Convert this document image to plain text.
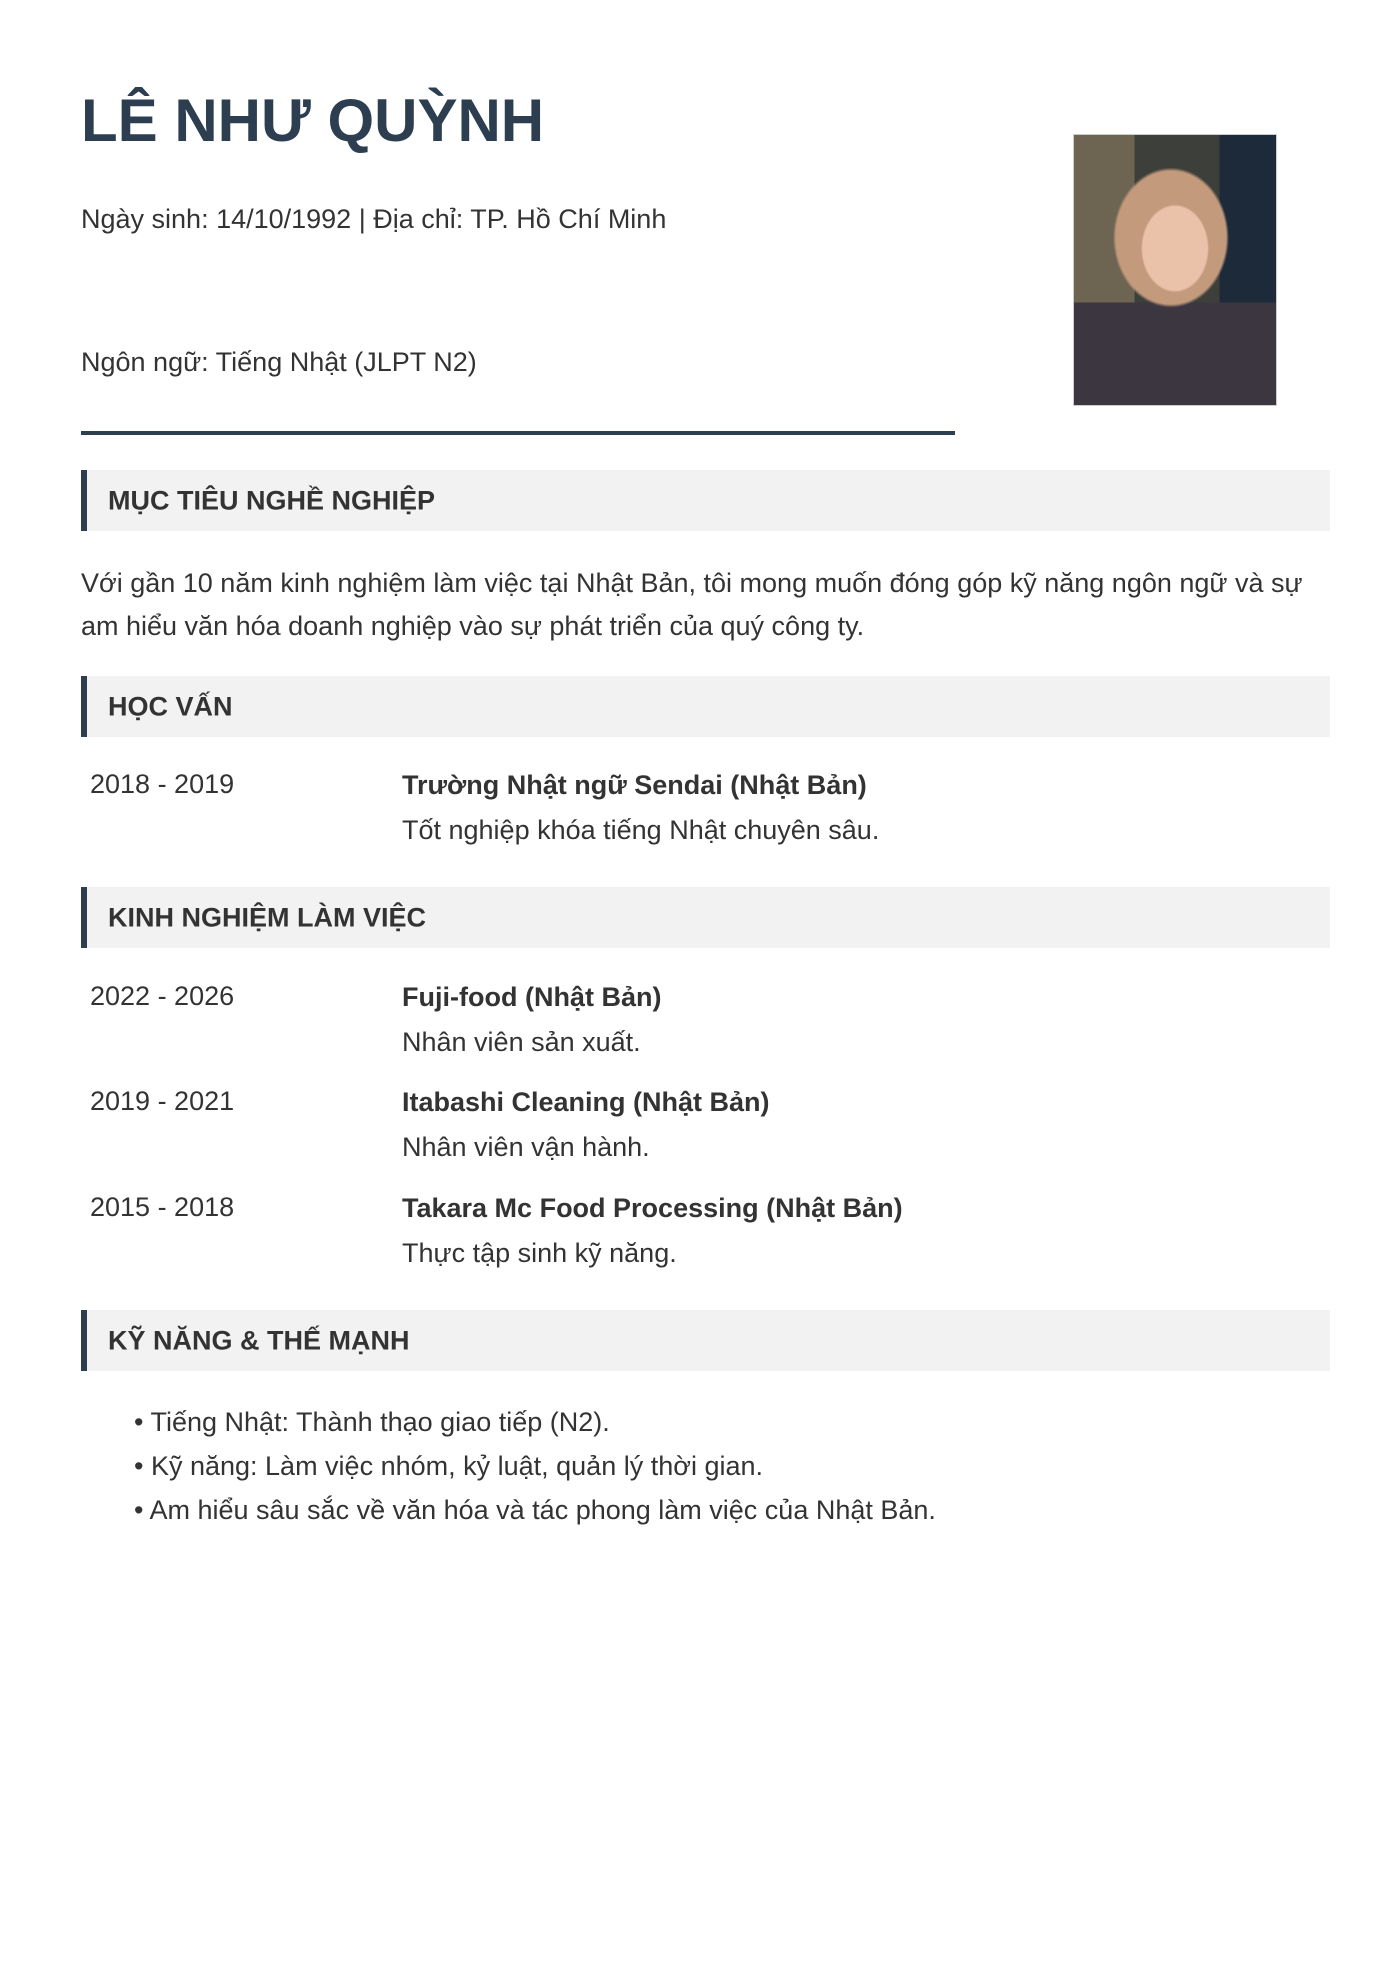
LÊ NHƯ QUỲNH
Ngày sinh: 14/10/1992 | Địa chỉ: TP. Hồ Chí Minh
Ngôn ngữ: Tiếng Nhật (JLPT N2)
MỤC TIÊU NGHỀ NGHIỆP
Với gần 10 năm kinh nghiệm làm việc tại Nhật Bản, tôi mong muốn đóng góp kỹ năng ngôn ngữ và sự am hiểu văn hóa doanh nghiệp vào sự phát triển của quý công ty.
HỌC VẤN
2018 - 2019	Trường Nhật ngữ Sendai (Nhật Bản)
Tốt nghiệp khóa tiếng Nhật chuyên sâu.
KINH NGHIỆM LÀM VIỆC
2022 - 2026	Fuji-food (Nhật Bản)
Nhân viên sản xuất.
2019 - 2021	Itabashi Cleaning (Nhật Bản)
Nhân viên vận hành.
2015 - 2018	Takara Mc Food Processing (Nhật Bản)
Thực tập sinh kỹ năng.
KỸ NĂNG & THẾ MẠNH
• Tiếng Nhật: Thành thạo giao tiếp (N2).
• Kỹ năng: Làm việc nhóm, kỷ luật, quản lý thời gian.
• Am hiểu sâu sắc về văn hóa và tác phong làm việc của Nhật Bản.
